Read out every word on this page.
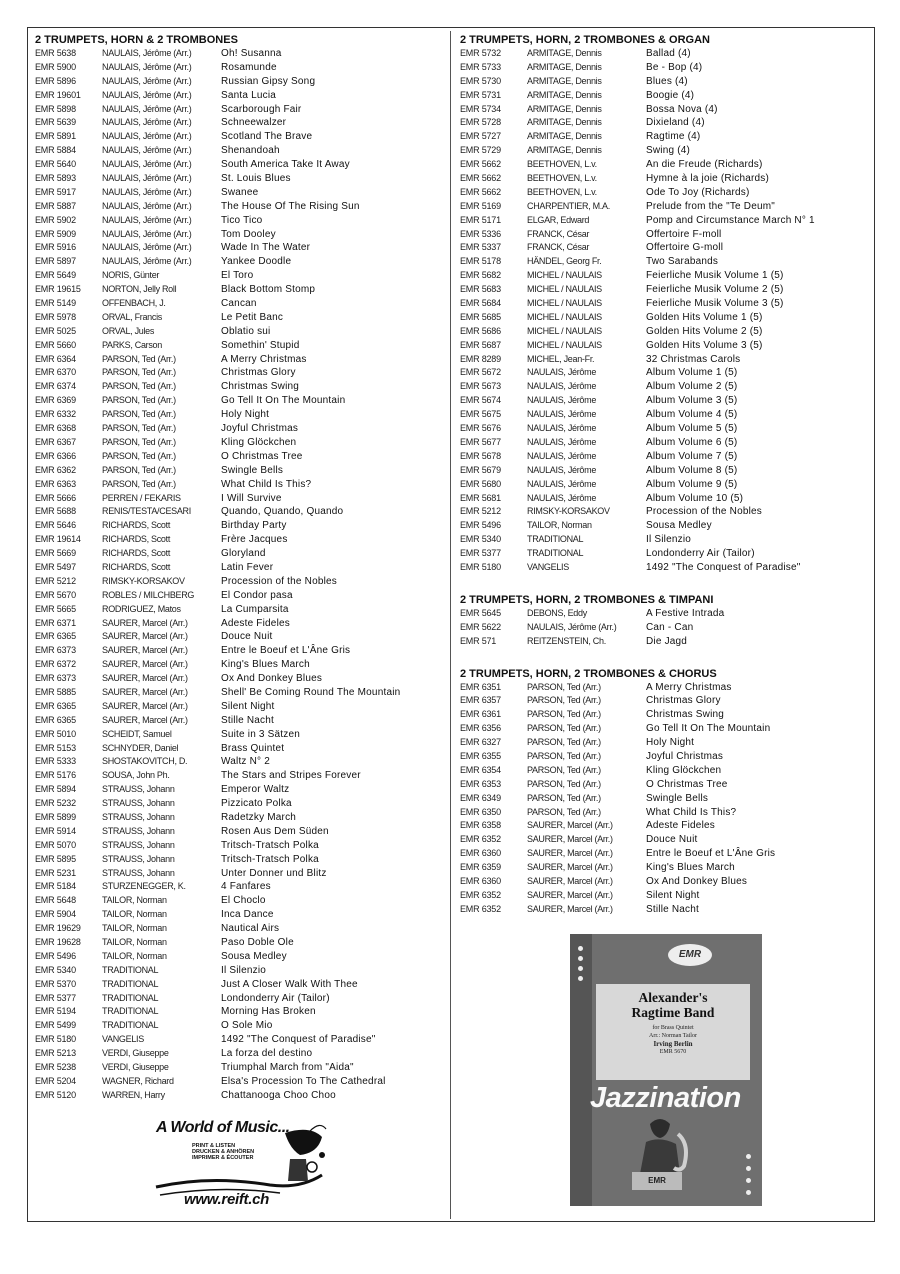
2 TRUMPETS, HORN & 2 TROMBONES
EMR 5638	NAULAIS, Jérôme (Arr.)	Oh! Susanna
EMR 5900	NAULAIS, Jérôme (Arr.)	Rosamunde
EMR 5896	NAULAIS, Jérôme (Arr.)	Russian Gipsy Song
EMR 19601	NAULAIS, Jérôme (Arr.)	Santa Lucia
EMR 5898	NAULAIS, Jérôme (Arr.)	Scarborough Fair
EMR 5639	NAULAIS, Jérôme (Arr.)	Schneewalzer
EMR 5891	NAULAIS, Jérôme (Arr.)	Scotland The Brave
EMR 5884	NAULAIS, Jérôme (Arr.)	Shenandoah
EMR 5640	NAULAIS, Jérôme (Arr.)	South America Take It Away
EMR 5893	NAULAIS, Jérôme (Arr.)	St. Louis Blues
EMR 5917	NAULAIS, Jérôme (Arr.)	Swanee
EMR 5887	NAULAIS, Jérôme (Arr.)	The House Of The Rising Sun
EMR 5902	NAULAIS, Jérôme (Arr.)	Tico Tico
EMR 5909	NAULAIS, Jérôme (Arr.)	Tom Dooley
EMR 5916	NAULAIS, Jérôme (Arr.)	Wade In The Water
EMR 5897	NAULAIS, Jérôme (Arr.)	Yankee Doodle
EMR 5649	NORIS, Günter	El Toro
EMR 19615	NORTON, Jelly Roll	Black Bottom Stomp
EMR 5149	OFFENBACH, J.	Cancan
EMR 5978	ORVAL, Francis	Le Petit Banc
EMR 5025	ORVAL, Jules	Oblatio sui
EMR 5660	PARKS, Carson	Somethin' Stupid
EMR 6364	PARSON, Ted (Arr.)	A Merry Christmas
EMR 6370	PARSON, Ted (Arr.)	Christmas Glory
EMR 6374	PARSON, Ted (Arr.)	Christmas Swing
EMR 6369	PARSON, Ted (Arr.)	Go Tell It On The Mountain
EMR 6332	PARSON, Ted (Arr.)	Holy Night
EMR 6368	PARSON, Ted (Arr.)	Joyful Christmas
EMR 6367	PARSON, Ted (Arr.)	Kling Glöckchen
EMR 6366	PARSON, Ted (Arr.)	O Christmas Tree
EMR 6362	PARSON, Ted (Arr.)	Swingle Bells
EMR 6363	PARSON, Ted (Arr.)	What Child Is This?
EMR 5666	PERREN / FEKARIS	I Will Survive
EMR 5688	RENIS/TESTA/CESARI	Quando, Quando, Quando
EMR 5646	RICHARDS, Scott	Birthday Party
EMR 19614	RICHARDS, Scott	Frère Jacques
EMR 5669	RICHARDS, Scott	Gloryland
EMR 5497	RICHARDS, Scott	Latin Fever
EMR 5212	RIMSKY-KORSAKOV	Procession of the Nobles
EMR 5670	ROBLES / MILCHBERG	El Condor pasa
EMR 5665	RODRIGUEZ, Matos	La Cumparsita
EMR 6371	SAURER, Marcel (Arr.)	Adeste Fideles
EMR 6365	SAURER, Marcel (Arr.)	Douce Nuit
EMR 6373	SAURER, Marcel (Arr.)	Entre le Boeuf et L'Âne Gris
EMR 6372	SAURER, Marcel (Arr.)	King's Blues March
EMR 6373	SAURER, Marcel (Arr.)	Ox And Donkey Blues
EMR 5885	SAURER, Marcel (Arr.)	Shell' Be Coming Round The Mountain
EMR 6365	SAURER, Marcel (Arr.)	Silent Night
EMR 6365	SAURER, Marcel (Arr.)	Stille Nacht
EMR 5010	SCHEIDT, Samuel	Suite in 3 Sätzen
EMR 5153	SCHNYDER, Daniel	Brass Quintet
EMR 5333	SHOSTAKOVITCH, D.	Waltz N° 2
EMR 5176	SOUSA, John Ph.	The Stars and Stripes Forever
EMR 5894	STRAUSS, Johann	Emperor Waltz
EMR 5232	STRAUSS, Johann	Pizzicato Polka
EMR 5899	STRAUSS, Johann	Radetzky March
EMR 5914	STRAUSS, Johann	Rosen Aus Dem Süden
EMR 5070	STRAUSS, Johann	Tritsch-Tratsch Polka
EMR 5895	STRAUSS, Johann	Tritsch-Tratsch Polka
EMR 5231	STRAUSS, Johann	Unter Donner und Blitz
EMR 5184	STURZENEGGER, K.	4 Fanfares
EMR 5648	TAILOR, Norman	El Choclo
EMR 5904	TAILOR, Norman	Inca Dance
EMR 19629	TAILOR, Norman	Nautical Airs
EMR 19628	TAILOR, Norman	Paso Doble Ole
EMR 5496	TAILOR, Norman	Sousa Medley
EMR 5340	TRADITIONAL	Il Silenzio
EMR 5370	TRADITIONAL	Just A Closer Walk With Thee
EMR 5377	TRADITIONAL	Londonderry Air (Tailor)
EMR 5194	TRADITIONAL	Morning Has Broken
EMR 5499	TRADITIONAL	O Sole Mio
EMR 5180	VANGELIS	1492 "The Conquest of Paradise"
EMR 5213	VERDI, Giuseppe	La forza del destino
EMR 5238	VERDI, Giuseppe	Triumphal March from "Aida"
EMR 5204	WAGNER, Richard	Elsa's Procession To The Cathedral
EMR 5120	WARREN, Harry	Chattanooga Choo Choo
2 TRUMPETS, HORN, 2 TROMBONES & ORGAN
EMR 5732	ARMITAGE, Dennis	Ballad (4)
EMR 5733	ARMITAGE, Dennis	Be - Bop (4)
EMR 5730	ARMITAGE, Dennis	Blues (4)
EMR 5731	ARMITAGE, Dennis	Boogie (4)
EMR 5734	ARMITAGE, Dennis	Bossa Nova (4)
EMR 5728	ARMITAGE, Dennis	Dixieland (4)
EMR 5727	ARMITAGE, Dennis	Ragtime (4)
EMR 5729	ARMITAGE, Dennis	Swing (4)
EMR 5662	BEETHOVEN, L.v.	An die Freude (Richards)
EMR 5662	BEETHOVEN, L.v.	Hymne à la joie (Richards)
EMR 5662	BEETHOVEN, L.v.	Ode To Joy (Richards)
EMR 5169	CHARPENTIER, M.A.	Prelude from the "Te Deum"
EMR 5171	ELGAR, Edward	Pomp and Circumstance March N° 1
EMR 5336	FRANCK, César	Offertoire F-moll
EMR 5337	FRANCK, César	Offertoire G-moll
EMR 5178	HÄNDEL, Georg Fr.	Two Sarabands
EMR 5682	MICHEL / NAULAIS	Feierliche Musik Volume 1 (5)
EMR 5683	MICHEL / NAULAIS	Feierliche Musik Volume 2 (5)
EMR 5684	MICHEL / NAULAIS	Feierliche Musik Volume 3 (5)
EMR 5685	MICHEL / NAULAIS	Golden Hits Volume 1 (5)
EMR 5686	MICHEL / NAULAIS	Golden Hits Volume 2 (5)
EMR 5687	MICHEL / NAULAIS	Golden Hits Volume 3 (5)
EMR 8289	MICHEL, Jean-Fr.	32 Christmas Carols
EMR 5672	NAULAIS, Jérôme	Album Volume 1 (5)
EMR 5673	NAULAIS, Jérôme	Album Volume 2 (5)
EMR 5674	NAULAIS, Jérôme	Album Volume 3 (5)
EMR 5675	NAULAIS, Jérôme	Album Volume 4 (5)
EMR 5676	NAULAIS, Jérôme	Album Volume 5 (5)
EMR 5677	NAULAIS, Jérôme	Album Volume 6 (5)
EMR 5678	NAULAIS, Jérôme	Album Volume 7 (5)
EMR 5679	NAULAIS, Jérôme	Album Volume 8 (5)
EMR 5680	NAULAIS, Jérôme	Album Volume 9 (5)
EMR 5681	NAULAIS, Jérôme	Album Volume 10 (5)
EMR 5212	RIMSKY-KORSAKOV	Procession of the Nobles
EMR 5496	TAILOR, Norman	Sousa Medley
EMR 5340	TRADITIONAL	Il Silenzio
EMR 5377	TRADITIONAL	Londonderry Air (Tailor)
EMR 5180	VANGELIS	1492 "The Conquest of Paradise"
2 TRUMPETS, HORN, 2 TROMBONES & TIMPANI
EMR 5645	DEBONS, Eddy	A Festive Intrada
EMR 5622	NAULAIS, Jérôme (Arr.)	Can - Can
EMR 571	REITZENSTEIN, Ch.	Die Jagd
2 TRUMPETS, HORN, 2 TROMBONES & CHORUS
EMR 6351	PARSON, Ted (Arr.)	A Merry Christmas
EMR 6357	PARSON, Ted (Arr.)	Christmas Glory
EMR 6361	PARSON, Ted (Arr.)	Christmas Swing
EMR 6356	PARSON, Ted (Arr.)	Go Tell It On The Mountain
EMR 6327	PARSON, Ted (Arr.)	Holy Night
EMR 6355	PARSON, Ted (Arr.)	Joyful Christmas
EMR 6354	PARSON, Ted (Arr.)	Kling Glöckchen
EMR 6353	PARSON, Ted (Arr.)	O Christmas Tree
EMR 6349	PARSON, Ted (Arr.)	Swingle Bells
EMR 6350	PARSON, Ted (Arr.)	What Child Is This?
EMR 6358	SAURER, Marcel (Arr.)	Adeste Fideles
EMR 6352	SAURER, Marcel (Arr.)	Douce Nuit
EMR 6360	SAURER, Marcel (Arr.)	Entre le Boeuf et L'Âne Gris
EMR 6359	SAURER, Marcel (Arr.)	King's Blues March
EMR 6360	SAURER, Marcel (Arr.)	Ox And Donkey Blues
EMR 6352	SAURER, Marcel (Arr.)	Silent Night
EMR 6352	SAURER, Marcel (Arr.)	Stille Nacht
A World of Music...
PRINT & LISTEN
DRUCKEN & ANHÖREN
IMPRIMER & ÉCOUTER
www.reift.ch
EMR
Alexander's
Ragtime Band
for Brass Quintet
Arr.: Norman Tailor
Irving Berlin
EMR 5670
Jazzination
EMR
